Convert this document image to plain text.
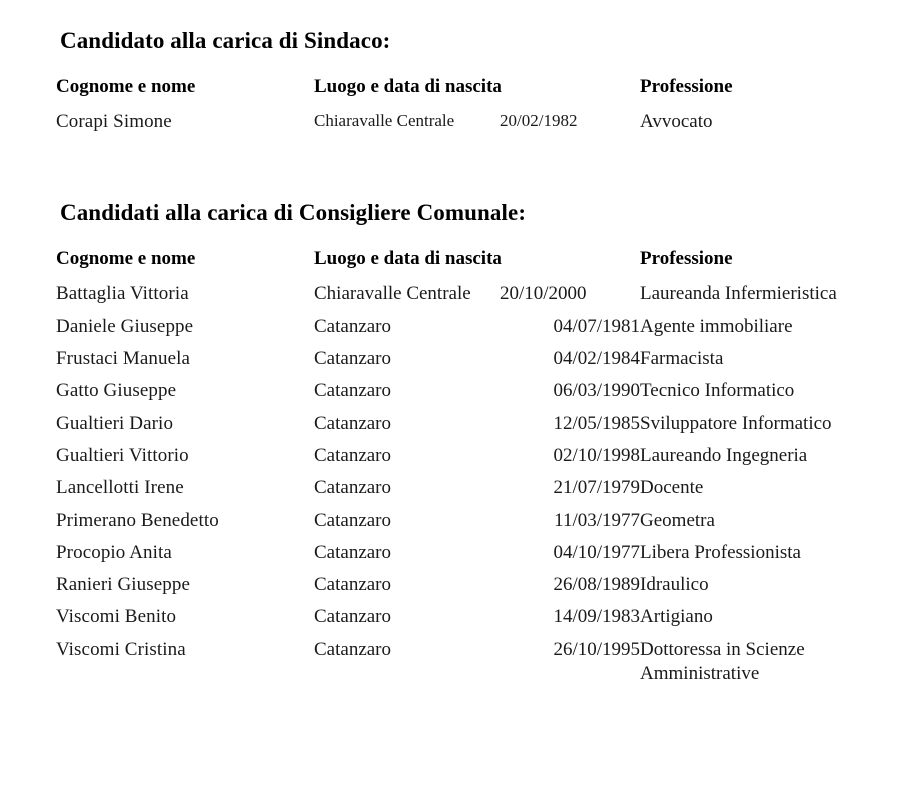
Candidato alla carica di Sindaco:
Cognome e nome	Luogo e data di nascita		Professione
Corapi Simone	Chiaravalle Centrale	20/02/1982	Avvocato
Candidati alla carica di Consigliere Comunale:
Cognome e nome	Luogo e data di nascita		Professione
Battaglia Vittoria	Chiaravalle Centrale	20/10/2000	Laureanda Infermieristica
Daniele Giuseppe	Catanzaro	04/07/1981	Agente immobiliare
Frustaci Manuela	Catanzaro	04/02/1984	Farmacista
Gatto Giuseppe	Catanzaro	06/03/1990	Tecnico Informatico
Gualtieri Dario	Catanzaro	12/05/1985	Sviluppatore Informatico
Gualtieri Vittorio	Catanzaro	02/10/1998	Laureando Ingegneria
Lancellotti Irene	Catanzaro	21/07/1979	Docente
Primerano Benedetto	Catanzaro	11/03/1977	Geometra
Procopio Anita	Catanzaro	04/10/1977	Libera Professionista
Ranieri Giuseppe	Catanzaro	26/08/1989	Idraulico
Viscomi Benito	Catanzaro	14/09/1983	Artigiano
Viscomi Cristina	Catanzaro	26/10/1995	Dottoressa in Scienze Amministrative
